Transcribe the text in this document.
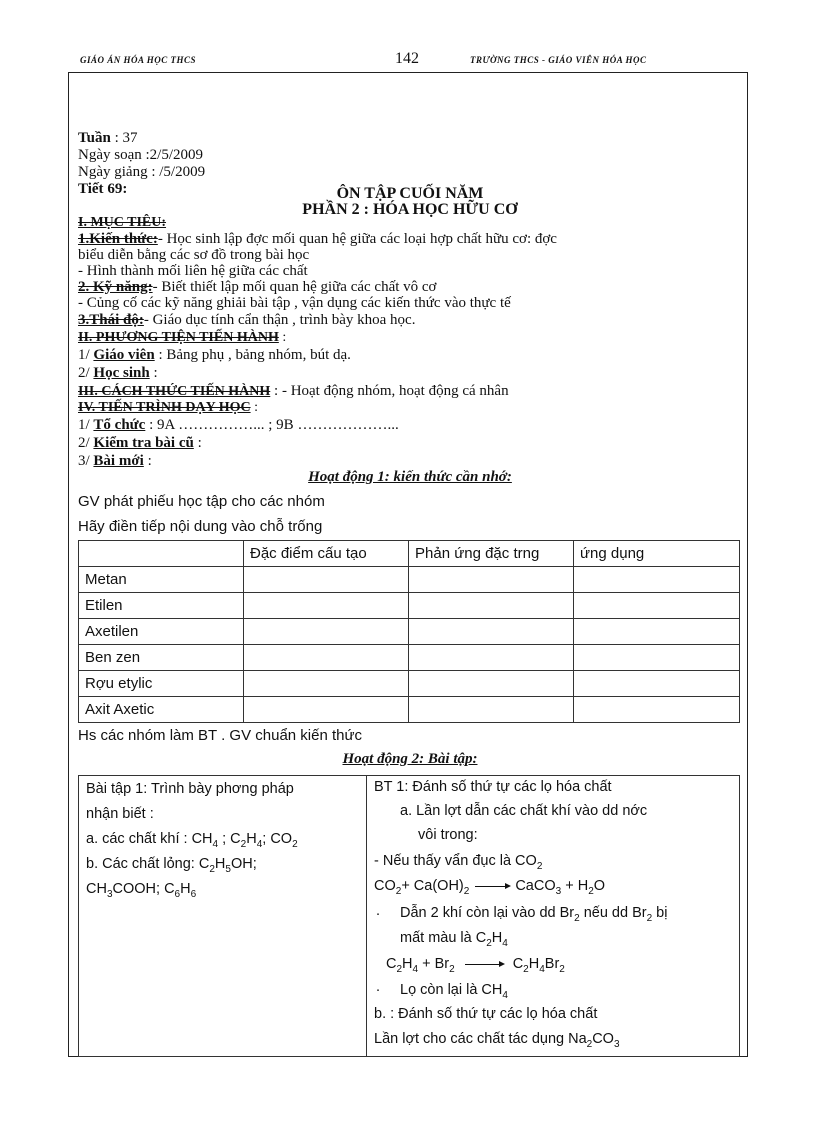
GIÁO ÁN HÓA HỌC THCS	142	TRƯỜNG THCS - GIÁO VIÊN HÓA HỌC
Tuần : 37
Ngày soạn :2/5/2009
Ngày giảng : /5/2009
Tiết 69:	ÔN TẬP CUỐI NĂM
PHẦN 2 : HÓA HỌC HỮU CƠ
I. MỤC TIÊU:
1.Kiến thức:- Học sinh lập đợc mối quan hệ giữa các loại hợp chất hữu cơ: đợc
biểu diễn bằng các sơ đồ trong bài học
- Hình thành mối liên hệ giữa các chất
2. Kỹ năng:- Biết thiết lập mối quan hệ giữa các chất vô cơ
- Củng cố các kỹ năng ghiải bài tập , vận dụng các kiến thức vào thực tế
3.Thái độ:- Giáo dục tính cẩn thận , trình bày khoa học.
II. PHƯƠNG TIỆN TIẾN HÀNH :
1/ Giáo viên : Bảng phụ , bảng nhóm, bút dạ.
2/ Học sinh :
III. CÁCH THỨC TIẾN HÀNH : - Hoạt động nhóm, hoạt động cá nhân
IV. TIẾN TRÌNH DẠY HỌC :
1/ Tổ chức : 9A ……………... ; 9B ………………...
2/ Kiểm tra bài cũ :
3/ Bài mới :
Hoạt động 1: kiến thức cần nhớ:
GV phát phiếu học tập cho các nhóm
Hãy điền tiếp nội dung vào chỗ trống
	Đặc điểm cấu tạo	Phản ứng đặc trng	ứng dụng
Metan			
Etilen			
Axetilen			
Ben zen			
Rợu etylic			
Axit Axetic			
Hs các nhóm làm BT . GV chuẩn kiến thức
Hoạt động 2: Bài tập:
Bài tập 1: Trình bày phơng pháp
nhận biết :
a. các chất khí : $CH_4$ ; $C_2H_4$; $CO_2$
b. Các chất lỏng: $C_2H_5OH$;
$CH_3COOH$; $C_6H_6$
BT 1: Đánh số thứ tự các lọ hóa chất
a. Lần lợt dẫn các chất khí vào dd nớc
vôi trong:
- Nếu thấy vẩn đục là $CO_2$
$CO_2+ Ca(OH)_2$ → CaCO$_3$ + $H_2O$
. Dẫn 2 khí còn lại vào dd $Br_2$ nếu dd $Br_2$ bị
mất màu là $C_2H_4$
$C_2H_4 + Br_2 \to C_2H_4Br_2$
. Lọ còn lại là $CH_4$
b. : Đánh số thứ tự các lọ hóa chất
Lần lợt cho các chất tác dụng $Na_2CO_3$
